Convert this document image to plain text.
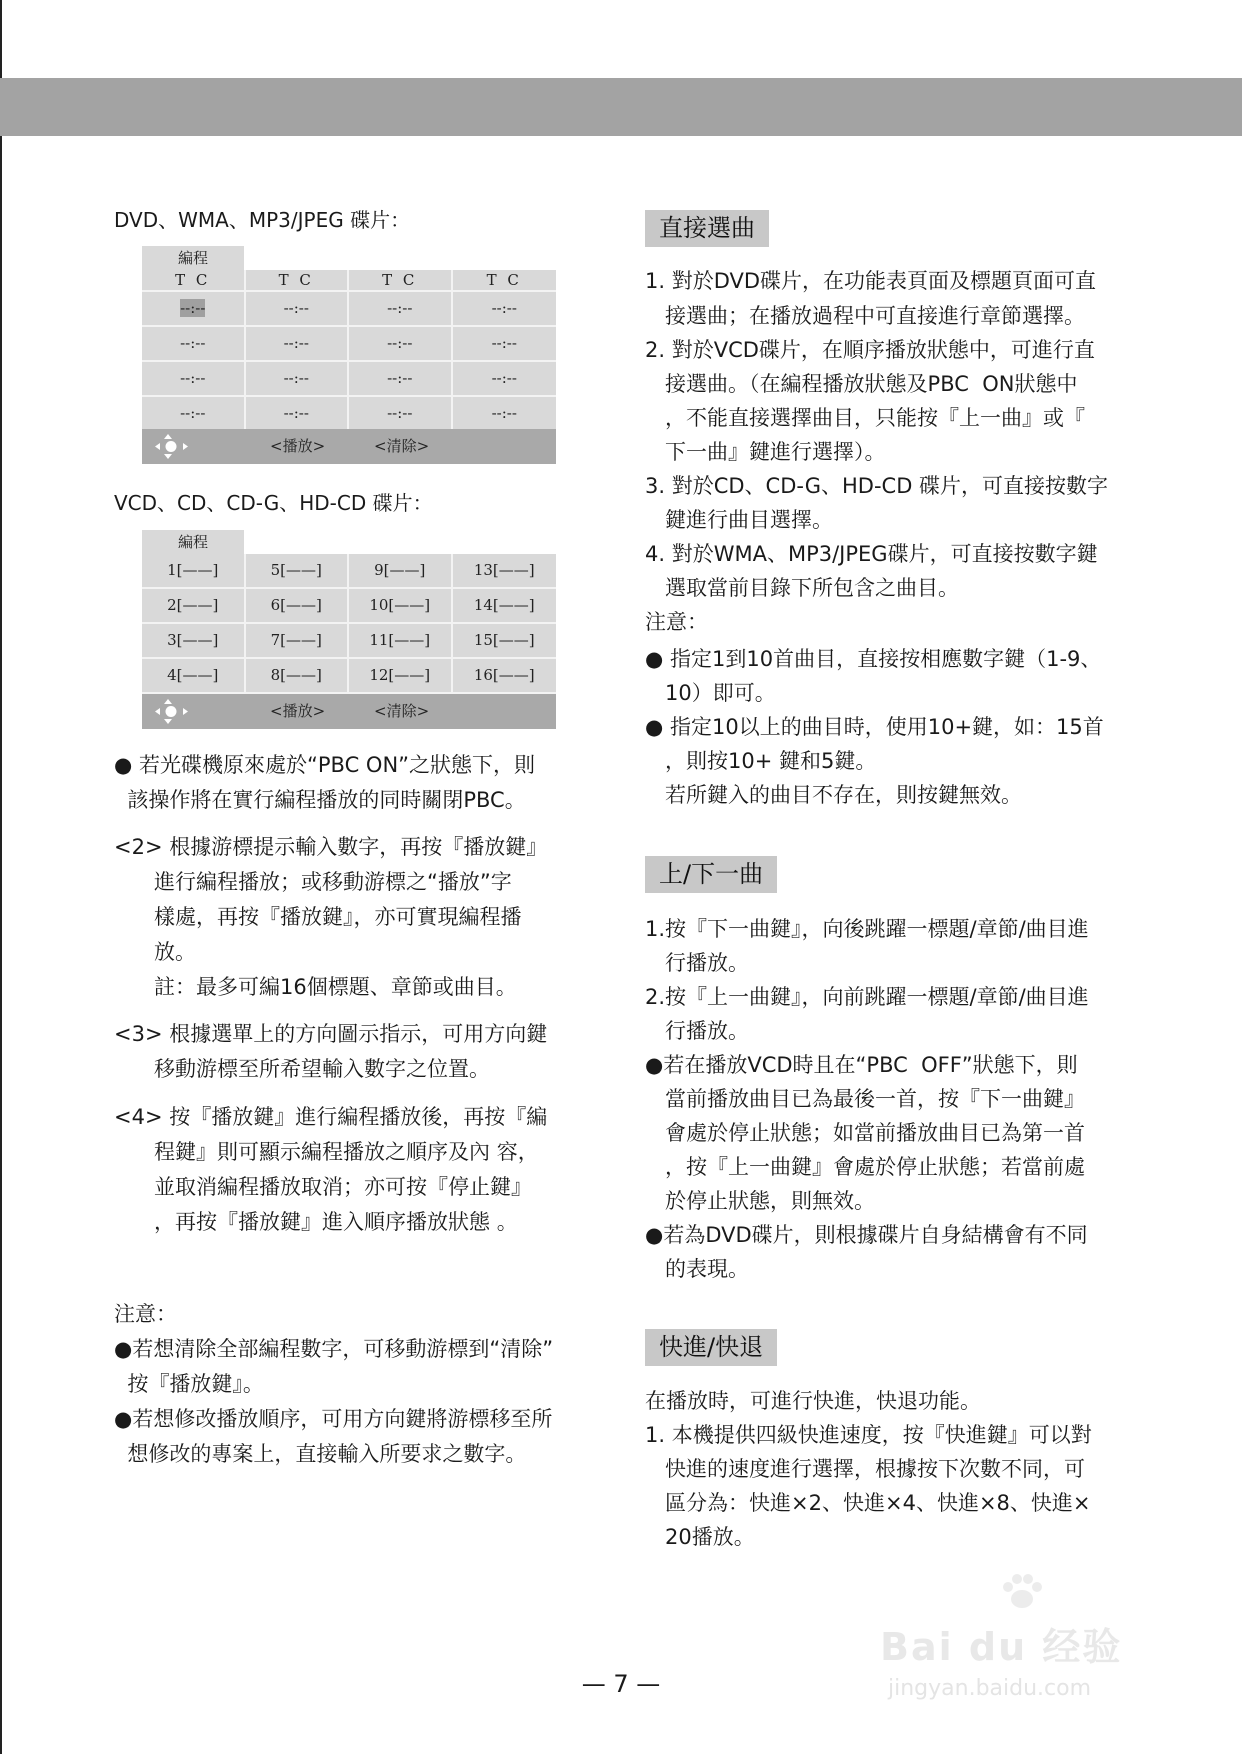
DVD、WMA、MP3/JPEG 碟片：
編程
T C	T C	T C	T C
--:--	--:--	--:--	--:--
--:--	--:--	--:--	--:--
--:--	--:--	--:--	--:--
--:--	--:--	--:--	--:--
<播放>	<清除>
VCD、CD、CD-G、HD-CD 碟片：
編程
1[——]	5[——]	9[——]	13[——]
2[——]	6[——]	10[——]	14[——]
3[——]	7[——]	11[——]	15[——]
4[——]	8[——]	12[——]	16[——]
<播放>	<清除>
● 若光碟機原來處於“PBC ON”之狀態下，則
該操作將在實行編程播放的同時關閉PBC。
<2> 根據游標提示輸入數字，再按『播放鍵』
進行編程播放；或移動游標之“播放”字
樣處，再按『播放鍵』，亦可實現編程播
放。
註：最多可編16個標題、章節或曲目。
<3> 根據選單上的方向圖示指示，可用方向鍵
移動游標至所希望輸入數字之位置。
<4> 按『播放鍵』進行編程播放後，再按『編
程鍵』則可顯示編程播放之順序及內 容，
並取消編程播放取消；亦可按『停止鍵』
，再按『播放鍵』進入順序播放狀態 。
注意：
●若想清除全部編程數字，可移動游標到“清除”
按『播放鍵』。
●若想修改播放順序，可用方向鍵將游標移至所
想修改的專案上，直接輸入所要求之數字。
直接選曲
1. 對於DVD碟片，在功能表頁面及標題頁面可直
接選曲；在播放過程中可直接進行章節選擇。
2. 對於VCD碟片，在順序播放狀態中，可進行直
接選曲。（在編程播放狀態及PBC  ON狀態中
，不能直接選擇曲目，只能按『上一曲』或『
下一曲』鍵進行選擇）。
3. 對於CD、CD-G、HD-CD 碟片，可直接按數字
鍵進行曲目選擇。
4. 對於WMA、MP3/JPEG碟片，可直接按數字鍵
選取當前目錄下所包含之曲目。
注意：
● 指定1到10首曲目，直接按相應數字鍵（1-9、
10）即可。
● 指定10以上的曲目時，使用10+鍵，如：15首
，則按10+ 鍵和5鍵。
若所鍵入的曲目不存在，則按鍵無效。
上/下一曲
1.按『下一曲鍵』，向後跳躍一標題/章節/曲目進
行播放。
2.按『上一曲鍵』，向前跳躍一標題/章節/曲目進
行播放。
●若在播放VCD時且在“PBC  OFF”狀態下，則
當前播放曲目已為最後一首，按『下一曲鍵』
會處於停止狀態；如當前播放曲目已為第一首
，按『上一曲鍵』會處於停止狀態；若當前處
於停止狀態，則無效。
●若為DVD碟片，則根據碟片自身結構會有不同
的表現。
快進/快退
在播放時，可進行快進，快退功能。
1. 本機提供四級快進速度，按『快進鍵』可以對
快進的速度進行選擇，根據按下次數不同，可
區分為：快進×2、快進×4、快進×8、快進×
20播放。
Bai du 经验
jingyan.baidu.com
— 7 —
